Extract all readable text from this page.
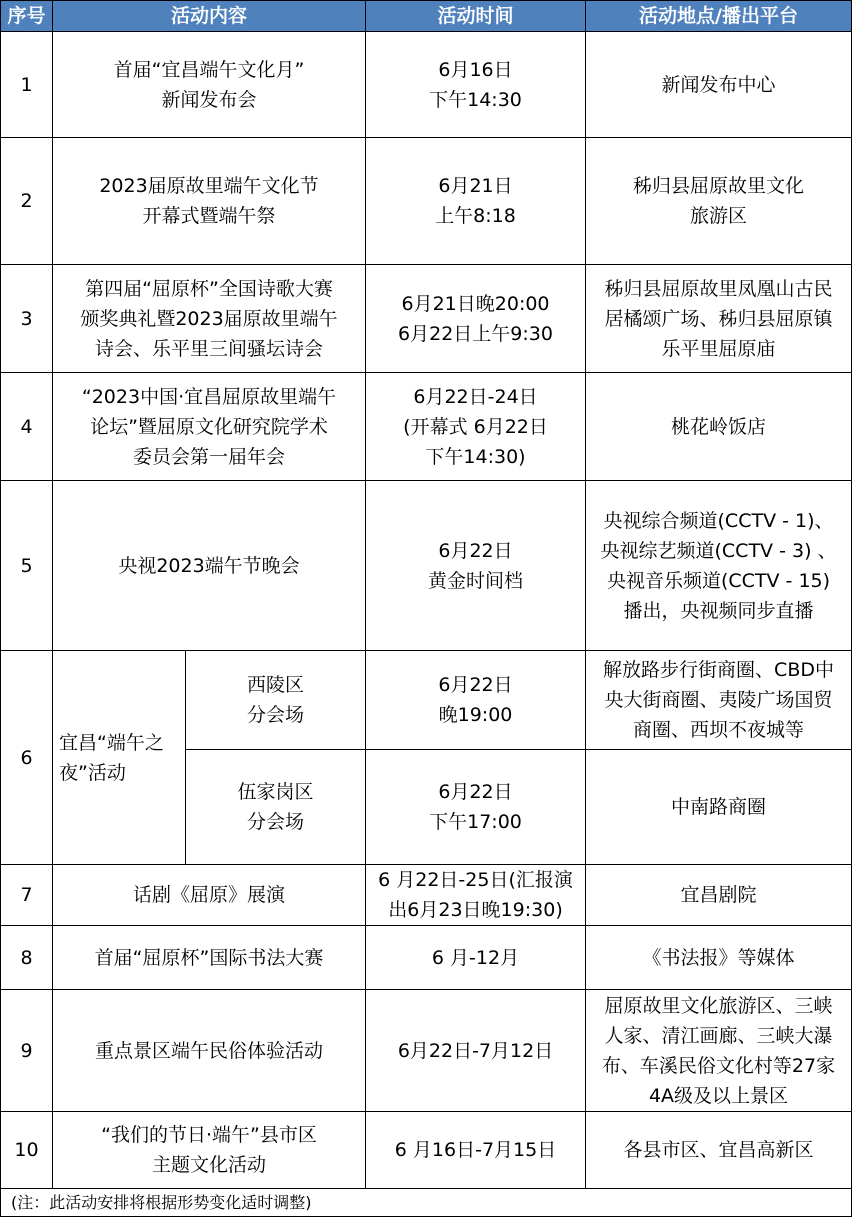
序号	活动内容		活动时间	活动地点/播出平台
1	首届“宜昌端午文化月”
新闻发布会		6月16日
下午14:30	新闻发布中心

2	2023届原故里端午文化节
开幕式暨端午祭		6月21日
上午8:18	秭归县屈原故里文化
旅游区

3	第四届“屈原杯”全国诗歌大赛
颁奖典礼暨2023届原故里端午
诗会、乐平里三间骚坛诗会		6月21日晚20:00
6月22日上午9:30	秭归县屈原故里凤凰山古民
居橘颂广场、秭归县屈原镇
乐平里屈原庙

4	“2023中国·宜昌屈原故里端午
论坛”暨屈原文化研究院学术
委员会第一届年会		6月22日-24日
(开幕式 6月22日
下午14:30)	桃花岭饭店

5	央视2023端午节晚会		6月22日
黄金时间档	央视综合频道(CCTV - 1)、
央视综艺频道(CCTV - 3) 、
央视音乐频道(CCTV - 15)
播出，央视频同步直播

6	宜昌“端午之
夜”活动	西陵区
分会场	6月22日
晚19:00	解放路步行街商圈、CBD中
央大街商圈、夷陵广场国贸
商圈、西坝不夜城等

		伍家岗区
分会场	6月22日
下午17:00	中南路商圈

7	话剧《屈原》展演		6 月22日-25日(汇报演
出6月23日晚19:30)	宜昌剧院

8	首届“屈原杯”国际书法大赛		6 月-12月	《书法报》等媒体

9	重点景区端午民俗体验活动		6月22日-7月12日	屈原故里文化旅游区、三峡
人家、清江画廊、三峡大瀑
布、车溪民俗文化村等27家
4A级及以上景区

10	“我们的节日·端午”县市区
主题文化活动		6 月16日-7月15日	各县市区、宜昌高新区

(注：此活动安排将根据形势变化适时调整)				
